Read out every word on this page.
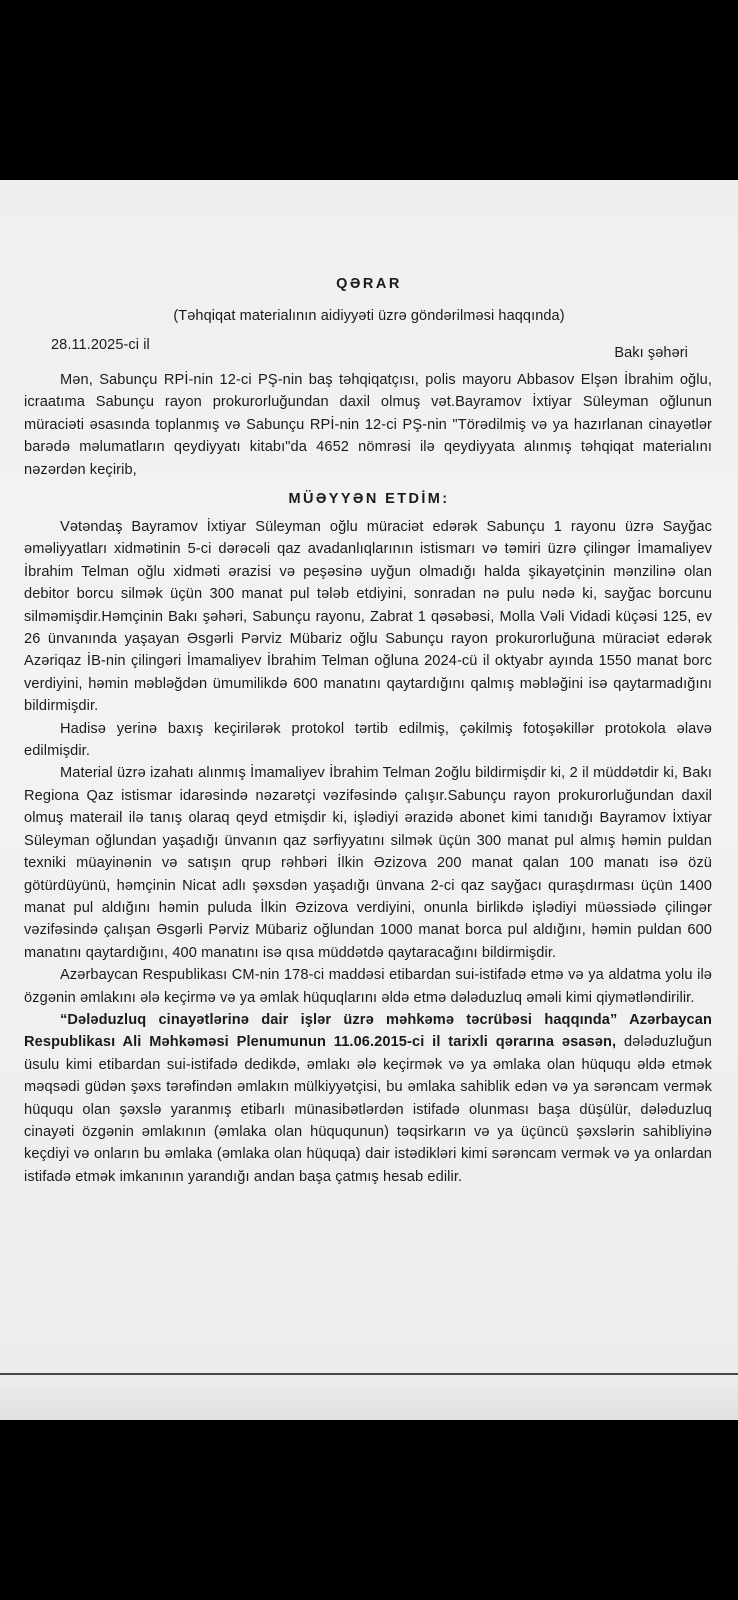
QƏRAR
(Təhqiqat materialının aidiyyəti üzrə göndərilməsi haqqında)
28.11.2025-ci il	Bakı şəhəri

Mən, Sabunçu RPİ-nin 12-ci PŞ-nin baş təhqiqatçısı, polis mayoru Abbasov Elşən İbrahim oğlu, icraatıma Sabunçu rayon prokurorluğundan daxil olmuş vət.Bayramov İxtiyar Süleyman oğlunun müraciəti əsasında toplanmış və Sabunçu RPİ-nin 12-ci PŞ-nin "Törədilmiş və ya hazırlanan cinayətlər barədə məlumatların qeydiyyatı kitabı"da 4652 nömrəsi ilə qeydiyyata alınmış təhqiqat materialını nəzərdən keçirib,

MÜƏYYƏN ETDİM:

Vətəndaş Bayramov İxtiyar Süleyman oğlu müraciət edərək Sabunçu 1 rayonu üzrə Sayğac əməliyyatları xidmətinin 5-ci dərəcəli qaz avadanlıqlarının istismarı və təmiri üzrə çilingər İmamaliyev İbrahim Telman oğlu xidməti ərazisi və peşəsinə uyğun olmadığı halda şikayətçinin mənzilinə olan debitor borcu silmək üçün 300 manat pul tələb etdiyini, sonradan nə pulu nədə ki, sayğac borcunu silməmişdir.Həmçinin Bakı şəhəri, Sabunçu rayonu, Zabrat 1 qəsəbəsi, Molla Vəli Vidadi küçəsi 125, ev 26 ünvanında yaşayan Əsgərli Pərviz Mübariz oğlu Sabunçu rayon prokurorluğuna müraciət edərək Azəriqaz İB-nin çilingəri İmamaliyev İbrahim Telman oğluna 2024-cü il oktyabr ayında 1550 manat borc verdiyini, həmin məbləğdən ümumilikdə 600 manatını qaytardığını qalmış məbləğini isə qaytarmadığını bildirmişdir.

Hadisə yerinə baxış keçirilərək protokol tərtib edilmiş, çəkilmiş fotoşəkillər protokola əlavə edilmişdir.

Material üzrə izahatı alınmış İmamaliyev İbrahim Telman 2oğlu bildirmişdir ki, 2 il müddətdir ki, Bakı Regiona Qaz istismar idarəsində nəzarətçi vəzifəsində çalışır.Sabunçu rayon prokurorluğundan daxil olmuş materail ilə tanış olaraq qeyd etmişdir ki, işlədiyi ərazidə abonet kimi tanıdığı Bayramov İxtiyar Süleyman oğlundan yaşadığı ünvanın qaz sərfiyyatını silmək üçün 300 manat pul almış həmin puldan texniki müayinənin və satışın qrup rəhbəri İlkin Əzizova 200 manat qalan 100 manatı isə özü götürdüyünü, həmçinin Nicat adlı şəxsdən yaşadığı ünvana 2-ci qaz sayğacı quraşdırması üçün 1400 manat pul aldığını həmin puluda İlkin Əzizova verdiyini, onunla birlikdə işlədiyi müəssiədə çilingər vəzifəsində çalışan Əsgərli Pərviz Mübariz oğlundan 1000 manat borca pul aldığını, həmin puldan 600 manatını qaytardığını, 400 manatını isə qısa müddətdə qaytaracağını bildirmişdir.

Azərbaycan Respublikası CM-nin 178-ci maddəsi etibardan sui-istifadə etmə və ya aldatma yolu ilə özgənin əmlakını ələ keçirmə və ya əmlak hüquqlarını əldə etmə dələduzluq əməli kimi qiymətləndirilir.

“Dələduzluq cinayətlərinə dair işlər üzrə məhkəmə təcrübəsi haqqında” Azərbaycan Respublikası Ali Məhkəməsi Plenumunun 11.06.2015-ci il tarixli qərarına əsasən, dələduzluğun üsulu kimi etibardan sui-istifadə dedikdə, əmlakı ələ keçirmək və ya əmlaka olan hüququ əldə etmək məqsədi güdən şəxs tərəfindən əmlakın mülkiyyətçisi, bu əmlaka sahiblik edən və ya sərəncam vermək hüququ olan şəxslə yaranmış etibarlı münasibətlərdən istifadə olunması başa düşülür, dələduzluq cinayəti özgənin əmlakının (əmlaka olan hüququnun) təqsirkarın və ya üçüncü şəxslərin sahibliyinə keçdiyi və onların bu əmlaka (əmlaka olan hüquqa) dair istədikləri kimi sərəncam vermək və ya onlardan istifadə etmək imkanının yarandığı andan başa çatmış hesab edilir.
